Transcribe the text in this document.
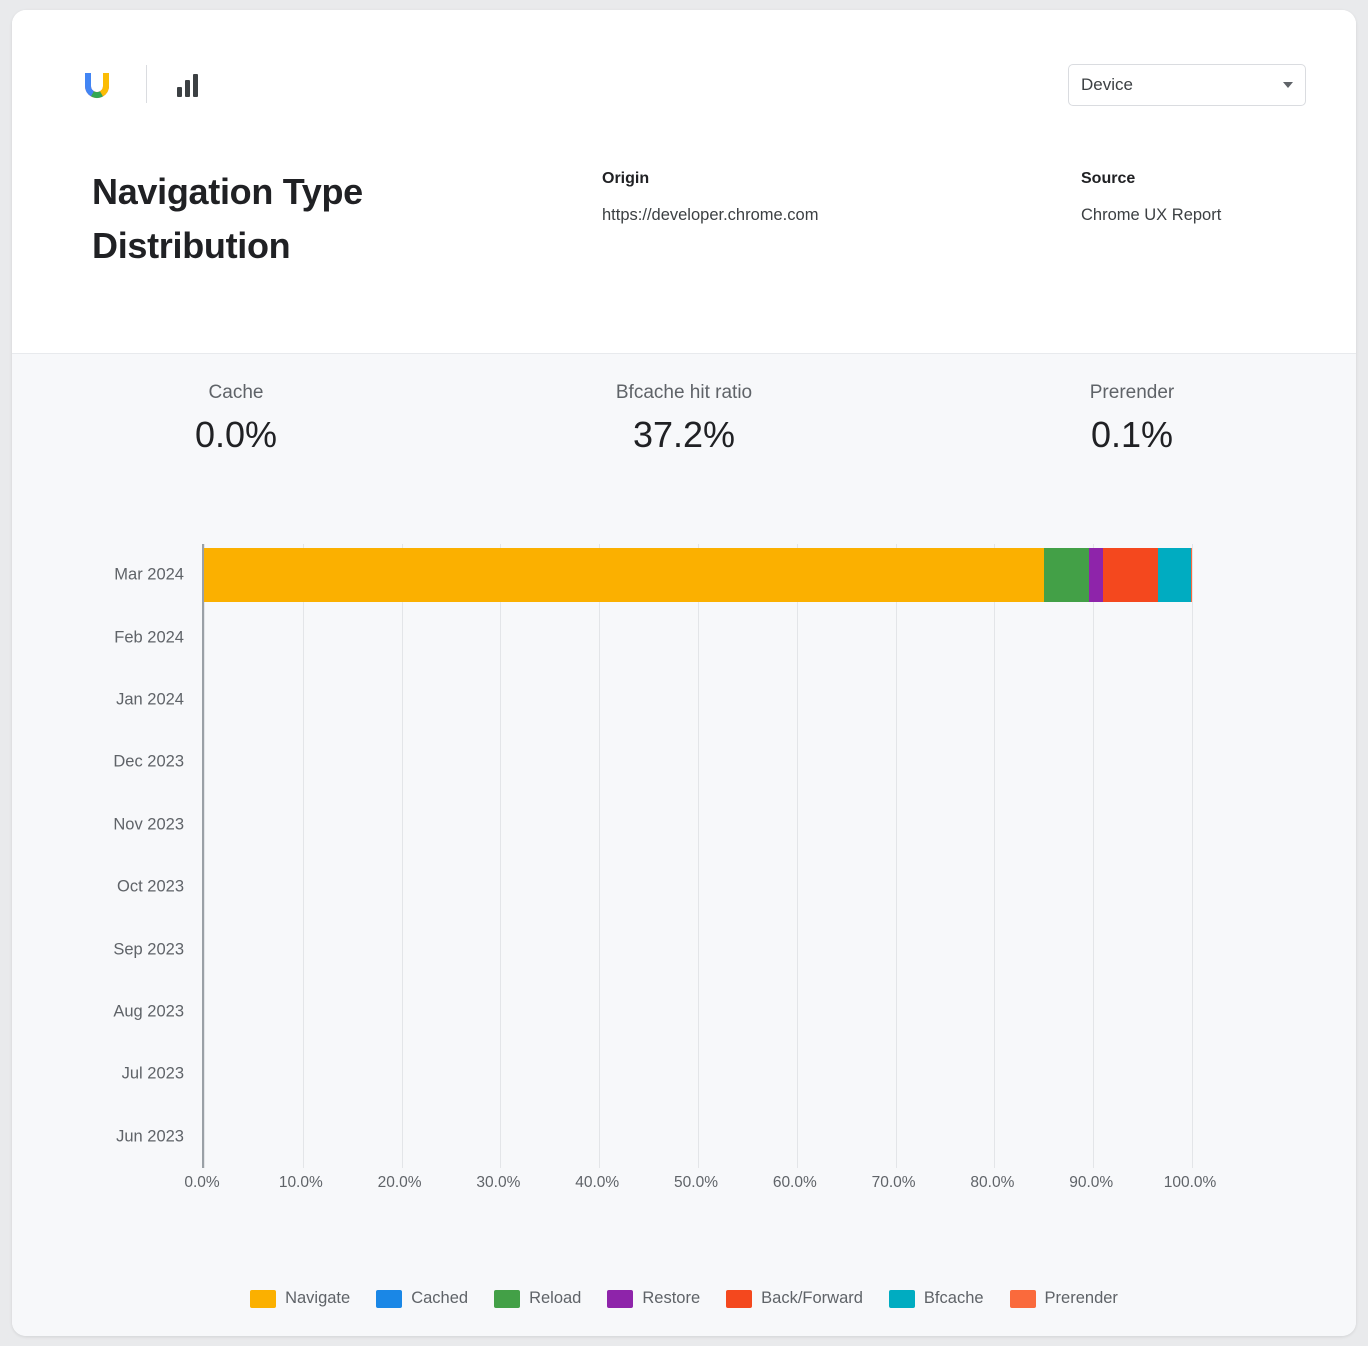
Device
Navigation Type Distribution
Origin
https://developer.chrome.com
Source
Chrome UX Report
Cache
0.0%
Bfcache hit ratio
37.2%
Prerender
0.1%
Mar 2024
Feb 2024
Jan 2024
Dec 2023
Nov 2023
Oct 2023
Sep 2023
Aug 2023
Jul 2023
Jun 2023
0.0%	10.0%	20.0%	30.0%	40.0%	50.0%	60.0%	70.0%	80.0%	90.0%	100.0%
Navigate	Cached	Reload	Restore	Back/Forward	Bfcache	Prerender
